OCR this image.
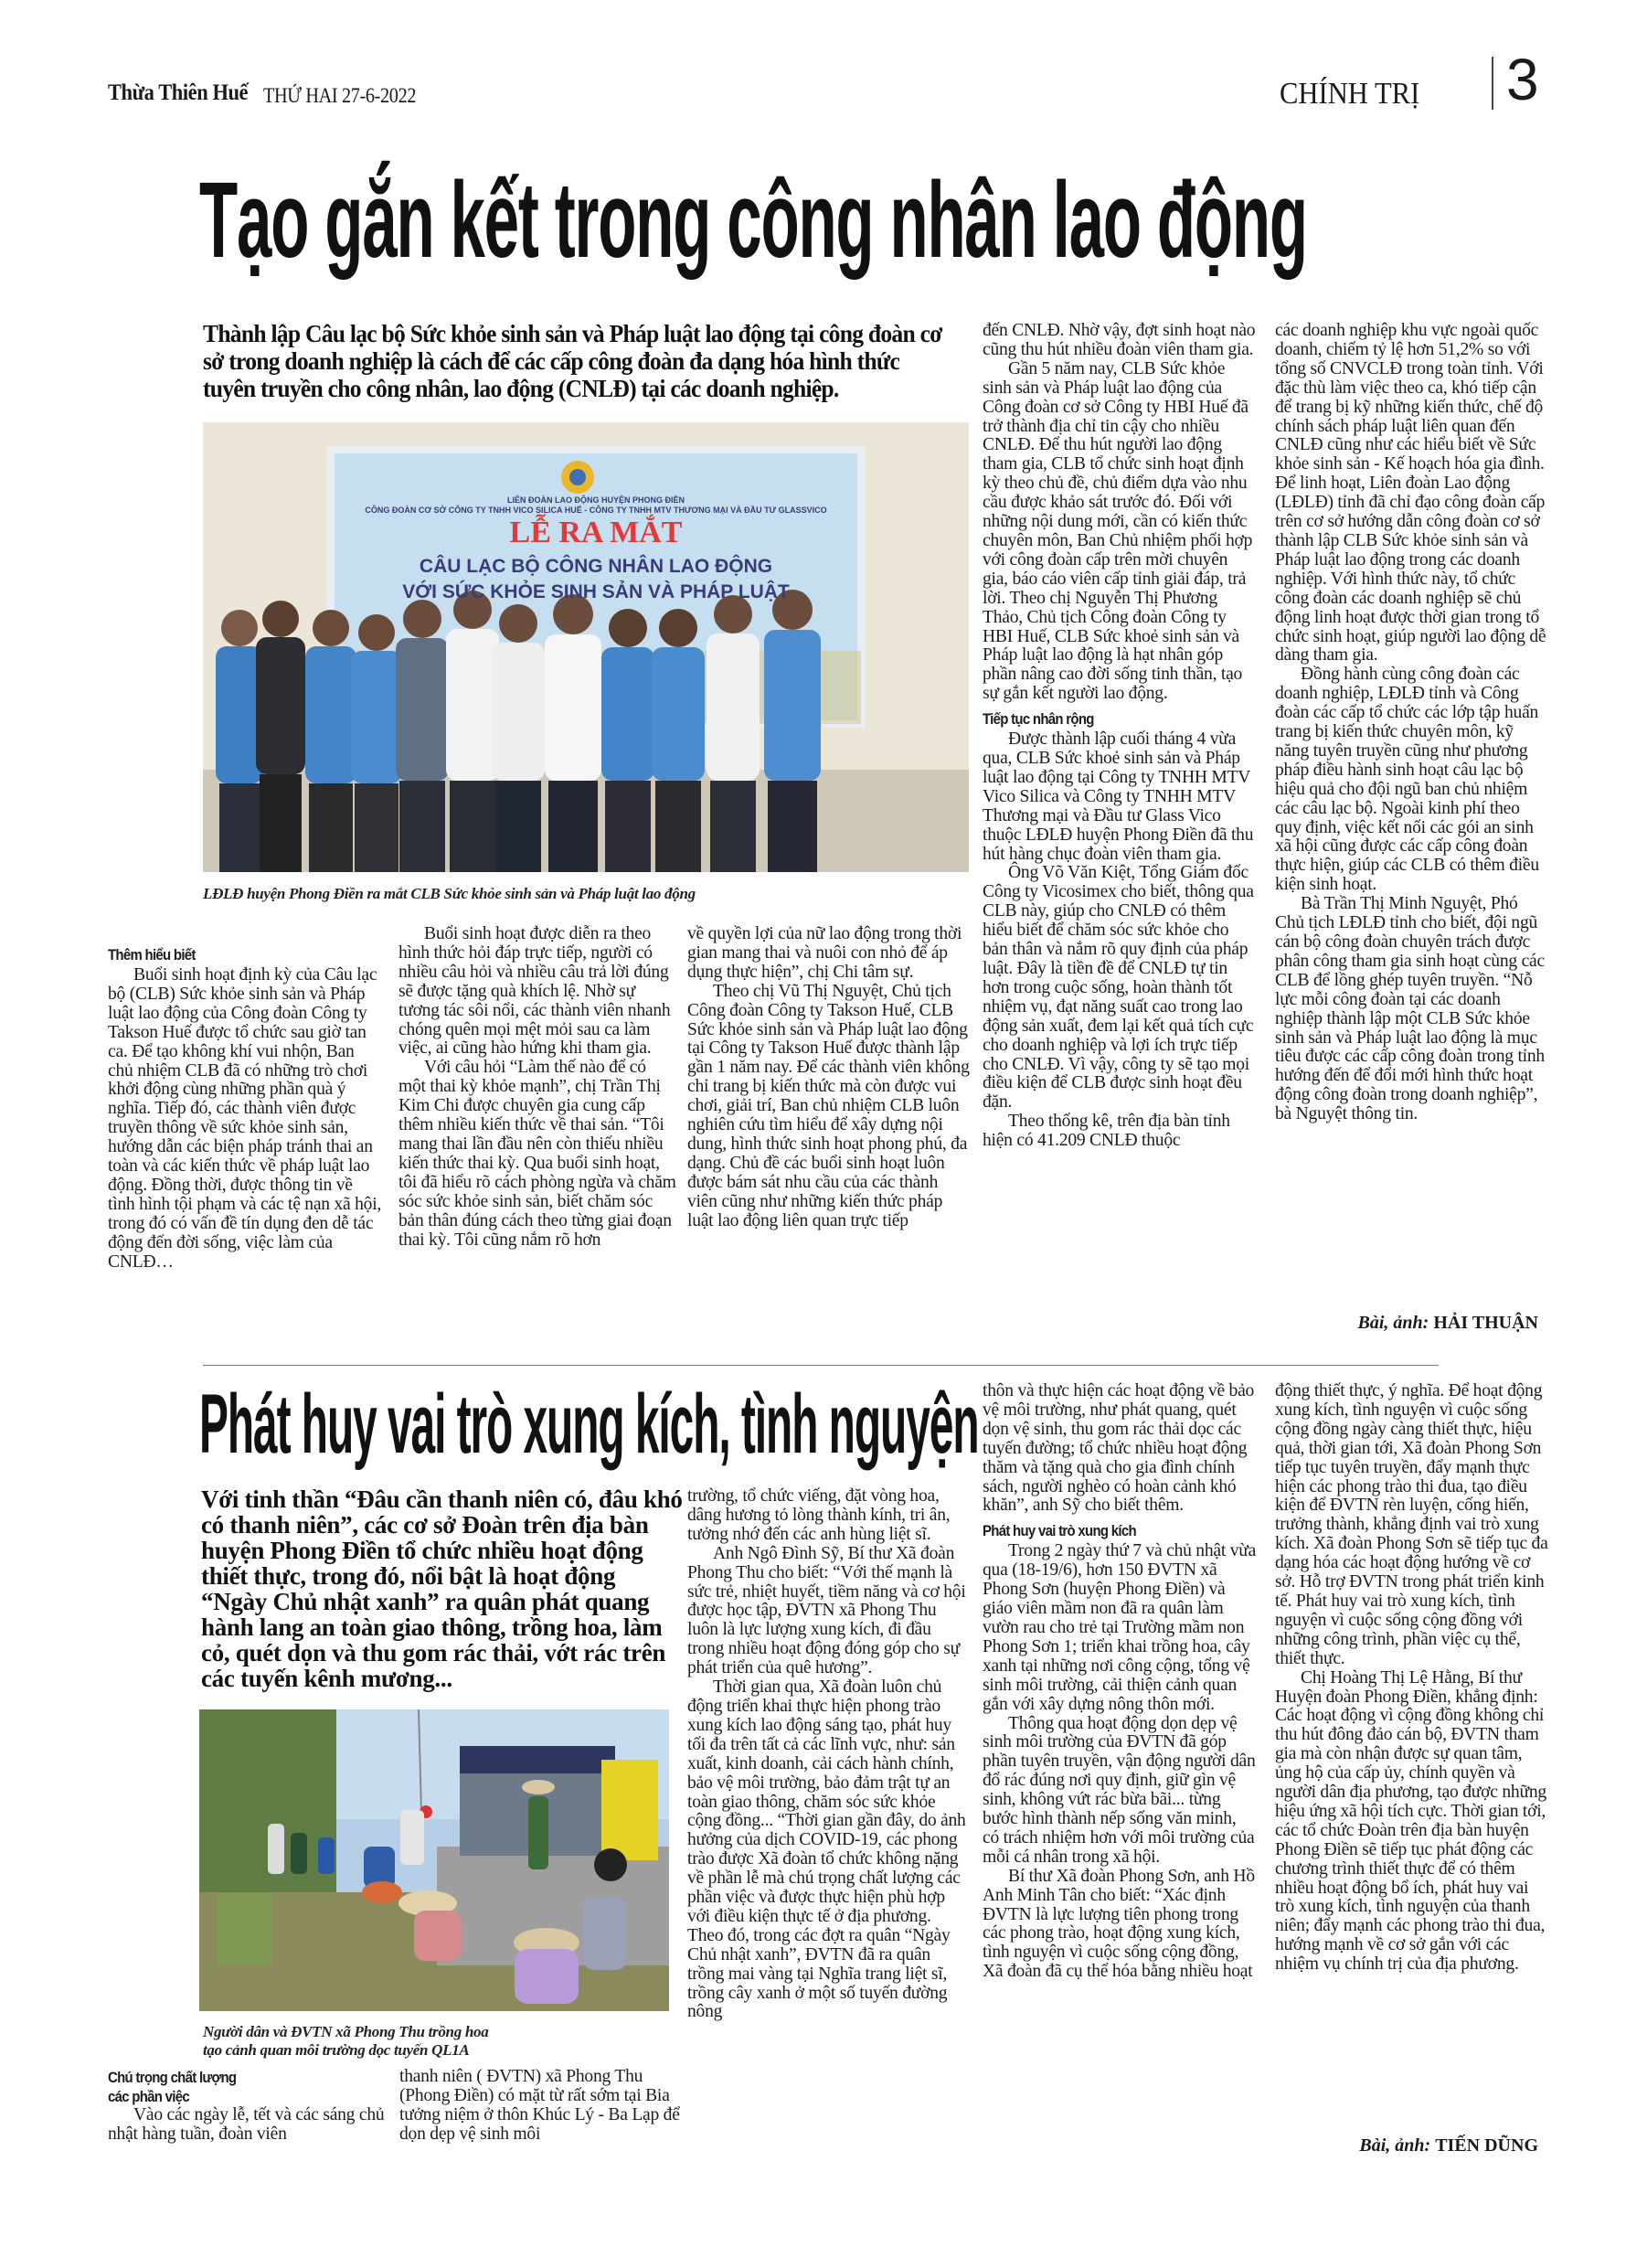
Thừa Thiên Huế THỨ HAI 27-6-2022	CHÍNH TRỊ 3
Tạo gắn kết trong công nhân lao động
LIÊN ĐOÀN LAO ĐỘNG HUYỆN PHONG ĐIỀN
CÔNG ĐOÀN CƠ SỞ CÔNG TY TNHH VICO SILICA HUẾ - CÔNG TY TNHH MTV THƯƠNG MẠI VÀ ĐẦU TƯ GLASSVICO
LỄ RA MẮT
CÂU LẠC BỘ CÔNG NHÂN LAO ĐỘNG
VỚI SỨC KHỎE SINH SẢN VÀ PHÁP LUẬT
Thành lập Câu lạc bộ Sức khỏe sinh sản và Pháp luật lao động tại công đoàn cơ sở trong doanh nghiệp là cách để các cấp công đoàn đa dạng hóa hình thức tuyên truyền cho công nhân, lao động (CNLĐ) tại các doanh nghiệp.
LĐLĐ huyện Phong Điền ra mắt CLB Sức khỏe sinh sản và Pháp luật lao động
Thêm hiểu biết

Buổi sinh hoạt định kỳ của Câu lạc bộ (CLB) Sức khỏe sinh sản và Pháp luật lao động của Công đoàn Công ty Takson Huế được tổ chức sau giờ tan ca. Để tạo không khí vui nhộn, Ban chủ nhiệm CLB đã có những trò chơi khởi động cùng những phần quà ý nghĩa. Tiếp đó, các thành viên được truyền thông về sức khỏe sinh sản, hướng dẫn các biện pháp tránh thai an toàn và các kiến thức về pháp luật lao động. Đồng thời, được thông tin về tình hình tội phạm và các tệ nạn xã hội, trong đó có vấn đề tín dụng đen dễ tác động đến đời sống, việc làm của CNLĐ…

Buổi sinh hoạt được diễn ra theo hình thức hỏi đáp trực tiếp, người có nhiều câu hỏi và nhiều câu trả lời đúng sẽ được tặng quà khích lệ. Nhờ sự tương tác sôi nổi, các thành viên nhanh chóng quên mọi mệt mỏi sau ca làm việc, ai cũng hào hứng khi tham gia.

Với câu hỏi “Làm thế nào để có một thai kỳ khỏe mạnh”, chị Trần Thị Kim Chi được chuyên gia cung cấp thêm nhiều kiến thức về thai sản. “Tôi mang thai lần đầu nên còn thiếu nhiều kiến thức thai kỳ. Qua buổi sinh hoạt, tôi đã hiểu rõ cách phòng ngừa và chăm sóc sức khỏe sinh sản, biết chăm sóc bản thân đúng cách theo từng giai đoạn thai kỳ. Tôi cũng nắm rõ hơn

về quyền lợi của nữ lao động trong thời gian mang thai và nuôi con nhỏ để áp dụng thực hiện”, chị Chi tâm sự.

Theo chị Vũ Thị Nguyệt, Chủ tịch Công đoàn Công ty Takson Huế, CLB Sức khỏe sinh sản và Pháp luật lao động tại Công ty Takson Huế được thành lập gần 1 năm nay. Để các thành viên không chỉ trang bị kiến thức mà còn được vui chơi, giải trí, Ban chủ nhiệm CLB luôn nghiên cứu tìm hiểu để xây dựng nội dung, hình thức sinh hoạt phong phú, đa dạng. Chủ đề các buổi sinh hoạt luôn được bám sát nhu cầu của các thành viên cũng như những kiến thức pháp luật lao động liên quan trực tiếp

đến CNLĐ. Nhờ vậy, đợt sinh hoạt nào cũng thu hút nhiều đoàn viên tham gia.

Gần 5 năm nay, CLB Sức khỏe sinh sản và Pháp luật lao động của Công đoàn cơ sở Công ty HBI Huế đã trở thành địa chỉ tin cậy cho nhiều CNLĐ. Để thu hút người lao động tham gia, CLB tổ chức sinh hoạt định kỳ theo chủ đề, chủ điểm dựa vào nhu cầu được khảo sát trước đó. Đối với những nội dung mới, cần có kiến thức chuyên môn, Ban Chủ nhiệm phối hợp với công đoàn cấp trên mời chuyên gia, báo cáo viên cấp tỉnh giải đáp, trả lời. Theo chị Nguyễn Thị Phương Thảo, Chủ tịch Công đoàn Công ty HBI Huế, CLB Sức khoẻ sinh sản và Pháp luật lao động là hạt nhân góp phần nâng cao đời sống tinh thần, tạo sự gắn kết người lao động.

Tiếp tục nhân rộng

Được thành lập cuối tháng 4 vừa qua, CLB Sức khoẻ sinh sản và Pháp luật lao động tại Công ty TNHH MTV Vico Silica và Công ty TNHH MTV Thương mại và Đầu tư Glass Vico thuộc LĐLĐ huyện Phong Điền đã thu hút hàng chục đoàn viên tham gia.

Ông Võ Văn Kiệt, Tổng Giám đốc Công ty Vicosimex cho biết, thông qua CLB này, giúp cho CNLĐ có thêm hiểu biết để chăm sóc sức khỏe cho bản thân và nắm rõ quy định của pháp luật. Đây là tiền đề để CNLĐ tự tin hơn trong cuộc sống, hoàn thành tốt nhiệm vụ, đạt năng suất cao trong lao động sản xuất, đem lại kết quả tích cực cho doanh nghiệp và lợi ích trực tiếp cho CNLĐ. Vì vậy, công ty sẽ tạo mọi điều kiện để CLB được sinh hoạt đều đặn.

Theo thống kê, trên địa bàn tỉnh hiện có 41.209 CNLĐ thuộc

các doanh nghiệp khu vực ngoài quốc doanh, chiếm tỷ lệ hơn 51,2% so với tổng số CNVCLĐ trong toàn tỉnh. Với đặc thù làm việc theo ca, khó tiếp cận để trang bị kỹ những kiến thức, chế độ chính sách pháp luật liên quan đến CNLĐ cũng như các hiểu biết về Sức khỏe sinh sản - Kế hoạch hóa gia đình. Để linh hoạt, Liên đoàn Lao động (LĐLĐ) tỉnh đã chỉ đạo công đoàn cấp trên cơ sở hướng dẫn công đoàn cơ sở thành lập CLB Sức khỏe sinh sản và Pháp luật lao động trong các doanh nghiệp. Với hình thức này, tổ chức công đoàn các doanh nghiệp sẽ chủ động linh hoạt được thời gian trong tổ chức sinh hoạt, giúp người lao động dễ dàng tham gia.

Đồng hành cùng công đoàn các doanh nghiệp, LĐLĐ tỉnh và Công đoàn các cấp tổ chức các lớp tập huấn trang bị kiến thức chuyên môn, kỹ năng tuyên truyền cũng như phương pháp điều hành sinh hoạt câu lạc bộ hiệu quả cho đội ngũ ban chủ nhiệm các câu lạc bộ. Ngoài kinh phí theo quy định, việc kết nối các gói an sinh xã hội cũng được các cấp công đoàn thực hiện, giúp các CLB có thêm điều kiện sinh hoạt.

Bà Trần Thị Minh Nguyệt, Phó Chủ tịch LĐLĐ tỉnh cho biết, đội ngũ cán bộ công đoàn chuyên trách được phân công tham gia sinh hoạt cùng các CLB để lồng ghép tuyên truyền. “Nỗ lực mỗi công đoàn tại các doanh nghiệp thành lập một CLB Sức khỏe sinh sản và Pháp luật lao động là mục tiêu được các cấp công đoàn trong tỉnh hướng đến để đổi mới hình thức hoạt động công đoàn trong doanh nghiệp”, bà Nguyệt thông tin.

Bài, ảnh: HẢI THUẬN
Phát huy vai trò xung kích, tình nguyện
Với tinh thần “Đâu cần thanh niên có, đâu khó có thanh niên”, các cơ sở Đoàn trên địa bàn huyện Phong Điền tổ chức nhiều hoạt động thiết thực, trong đó, nổi bật là hoạt động “Ngày Chủ nhật xanh” ra quân phát quang hành lang an toàn giao thông, trồng hoa, làm cỏ, quét dọn và thu gom rác thải, vớt rác trên các tuyến kênh mương...
Người dân và ĐVTN xã Phong Thu trồng hoa
tạo cảnh quan môi trường dọc tuyến QL1A
Chú trọng chất lượng
các phần việc

Vào các ngày lễ, tết và các sáng chủ nhật hàng tuần, đoàn viên

thanh niên ( ĐVTN) xã Phong Thu (Phong Điền) có mặt từ rất sớm tại Bia tưởng niệm ở thôn Khúc Lý - Ba Lạp để dọn dẹp vệ sinh môi

trường, tổ chức viếng, đặt vòng hoa, dâng hương tỏ lòng thành kính, tri ân, tưởng nhớ đến các anh hùng liệt sĩ.

Anh Ngô Đình Sỹ, Bí thư Xã đoàn Phong Thu cho biết: “Với thế mạnh là sức trẻ, nhiệt huyết, tiềm năng và cơ hội được học tập, ĐVTN xã Phong Thu luôn là lực lượng xung kích, đi đầu trong nhiều hoạt động đóng góp cho sự phát triển của quê hương”.

Thời gian qua, Xã đoàn luôn chủ động triển khai thực hiện phong trào xung kích lao động sáng tạo, phát huy tối đa trên tất cả các lĩnh vực, như: sản xuất, kinh doanh, cải cách hành chính, bảo vệ môi trường, bảo đảm trật tự an toàn giao thông, chăm sóc sức khỏe cộng đồng... “Thời gian gần đây, do ảnh hưởng của dịch COVID-19, các phong trào được Xã đoàn tổ chức không nặng về phần lễ mà chú trọng chất lượng các phần việc và được thực hiện phù hợp với điều kiện thực tế ở địa phương. Theo đó, trong các đợt ra quân “Ngày Chủ nhật xanh”, ĐVTN đã ra quân trồng mai vàng tại Nghĩa trang liệt sĩ, trồng cây xanh ở một số tuyến đường nông

thôn và thực hiện các hoạt động về bảo vệ môi trường, như phát quang, quét dọn vệ sinh, thu gom rác thải dọc các tuyến đường; tổ chức nhiều hoạt động thăm và tặng quà cho gia đình chính sách, người nghèo có hoàn cảnh khó khăn”, anh Sỹ cho biết thêm.

Phát huy vai trò xung kích

Trong 2 ngày thứ 7 và chủ nhật vừa qua (18-19/6), hơn 150 ĐVTN xã Phong Sơn (huyện Phong Điền) và giáo viên mầm non đã ra quân làm vườn rau cho trẻ tại Trường mầm non Phong Sơn 1; triển khai trồng hoa, cây xanh tại những nơi công cộng, tổng vệ sinh môi trường, cải thiện cảnh quan gắn với xây dựng nông thôn mới.

Thông qua hoạt động dọn dẹp vệ sinh môi trường của ĐVTN đã góp phần tuyên truyền, vận động người dân đổ rác đúng nơi quy định, giữ gìn vệ sinh, không vứt rác bừa bãi... từng bước hình thành nếp sống văn minh, có trách nhiệm hơn với môi trường của mỗi cá nhân trong xã hội.

Bí thư Xã đoàn Phong Sơn, anh Hồ Anh Minh Tân cho biết: “Xác định ĐVTN là lực lượng tiên phong trong các phong trào, hoạt động xung kích, tình nguyện vì cuộc sống cộng đồng, Xã đoàn đã cụ thể hóa bằng nhiều hoạt

động thiết thực, ý nghĩa. Để hoạt động xung kích, tình nguyện vì cuộc sống cộng đồng ngày càng thiết thực, hiệu quả, thời gian tới, Xã đoàn Phong Sơn tiếp tục tuyên truyền, đẩy mạnh thực hiện các phong trào thi đua, tạo điều kiện để ĐVTN rèn luyện, cống hiến, trưởng thành, khẳng định vai trò xung kích. Xã đoàn Phong Sơn sẽ tiếp tục đa dạng hóa các hoạt động hướng về cơ sở. Hỗ trợ ĐVTN trong phát triển kinh tế. Phát huy vai trò xung kích, tình nguyện vì cuộc sống cộng đồng với những công trình, phần việc cụ thể, thiết thực.

Chị Hoàng Thị Lệ Hằng, Bí thư Huyện đoàn Phong Điền, khẳng định: Các hoạt động vì cộng đồng không chỉ thu hút đông đảo cán bộ, ĐVTN tham gia mà còn nhận được sự quan tâm, ủng hộ của cấp ủy, chính quyền và người dân địa phương, tạo được những hiệu ứng xã hội tích cực. Thời gian tới, các tổ chức Đoàn trên địa bàn huyện Phong Điền sẽ tiếp tục phát động các chương trình thiết thực để có thêm nhiều hoạt động bổ ích, phát huy vai trò xung kích, tình nguyện của thanh niên; đẩy mạnh các phong trào thi đua, hướng mạnh về cơ sở gắn với các nhiệm vụ chính trị của địa phương.

Bài, ảnh: TIẾN DŨNG
